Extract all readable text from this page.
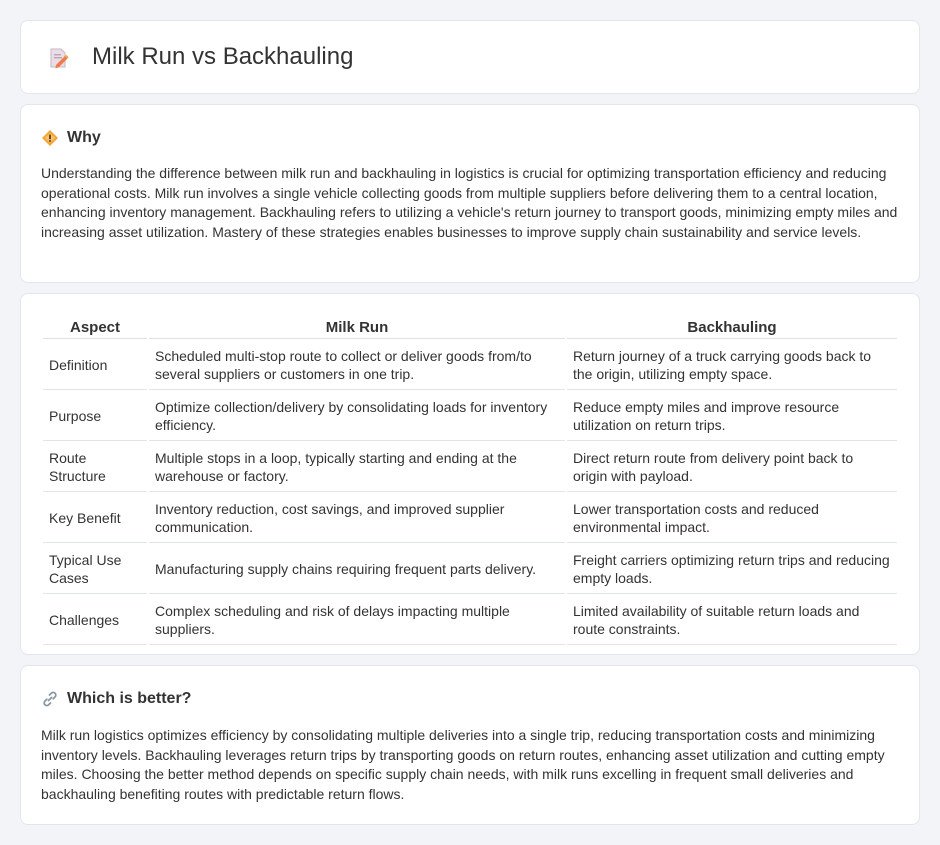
Milk Run vs Backhauling
Why

Understanding the difference between milk run and backhauling in logistics is crucial for optimizing transportation efficiency and reducing operational costs. Milk run involves a single vehicle collecting goods from multiple suppliers before delivering them to a central location, enhancing inventory management. Backhauling refers to utilizing a vehicle's return journey to transport goods, minimizing empty miles and increasing asset utilization. Mastery of these strategies enables businesses to improve supply chain sustainability and service levels.

Aspect	Milk Run	Backhauling
Definition	Scheduled multi-stop route to collect or deliver goods from/to several suppliers or customers in one trip.	Return journey of a truck carrying goods back to the origin, utilizing empty space.
Purpose	Optimize collection/delivery by consolidating loads for inventory efficiency.	Reduce empty miles and improve resource utilization on return trips.
Route Structure	Multiple stops in a loop, typically starting and ending at the warehouse or factory.	Direct return route from delivery point back to origin with payload.
Key Benefit	Inventory reduction, cost savings, and improved supplier communication.	Lower transportation costs and reduced environmental impact.
Typical Use Cases	Manufacturing supply chains requiring frequent parts delivery.	Freight carriers optimizing return trips and reducing empty loads.
Challenges	Complex scheduling and risk of delays impacting multiple suppliers.	Limited availability of suitable return loads and route constraints.
Which is better?

Milk run logistics optimizes efficiency by consolidating multiple deliveries into a single trip, reducing transportation costs and minimizing inventory levels. Backhauling leverages return trips by transporting goods on return routes, enhancing asset utilization and cutting empty miles. Choosing the better method depends on specific supply chain needs, with milk runs excelling in frequent small deliveries and backhauling benefiting routes with predictable return flows.
